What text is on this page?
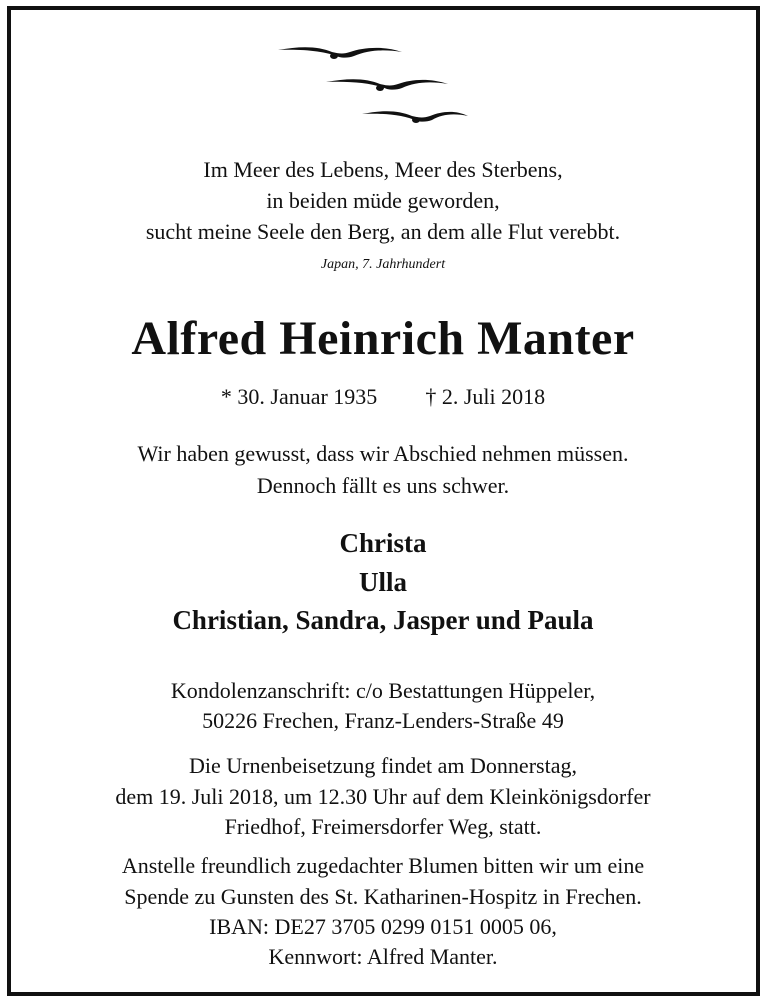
Im Meer des Lebens, Meer des Sterbens,
in beiden müde geworden,
sucht meine Seele den Berg, an dem alle Flut verebbt.
Japan, 7. Jahrhundert
Alfred Heinrich Manter
* 30. Januar 1935 † 2. Juli 2018
Wir haben gewusst, dass wir Abschied nehmen müssen.
Dennoch fällt es uns schwer.
Christa
Ulla
Christian, Sandra, Jasper und Paula
Kondolenzanschrift: c/o Bestattungen Hüppeler,
50226 Frechen, Franz-Lenders-Straße 49
Die Urnenbeisetzung findet am Donnerstag,
dem 19. Juli 2018, um 12.30 Uhr auf dem Kleinkönigsdorfer
Friedhof, Freimersdorfer Weg, statt.
Anstelle freundlich zugedachter Blumen bitten wir um eine
Spende zu Gunsten des St. Katharinen-Hospitz in Frechen.
IBAN: DE27 3705 0299 0151 0005 06,
Kennwort: Alfred Manter.
